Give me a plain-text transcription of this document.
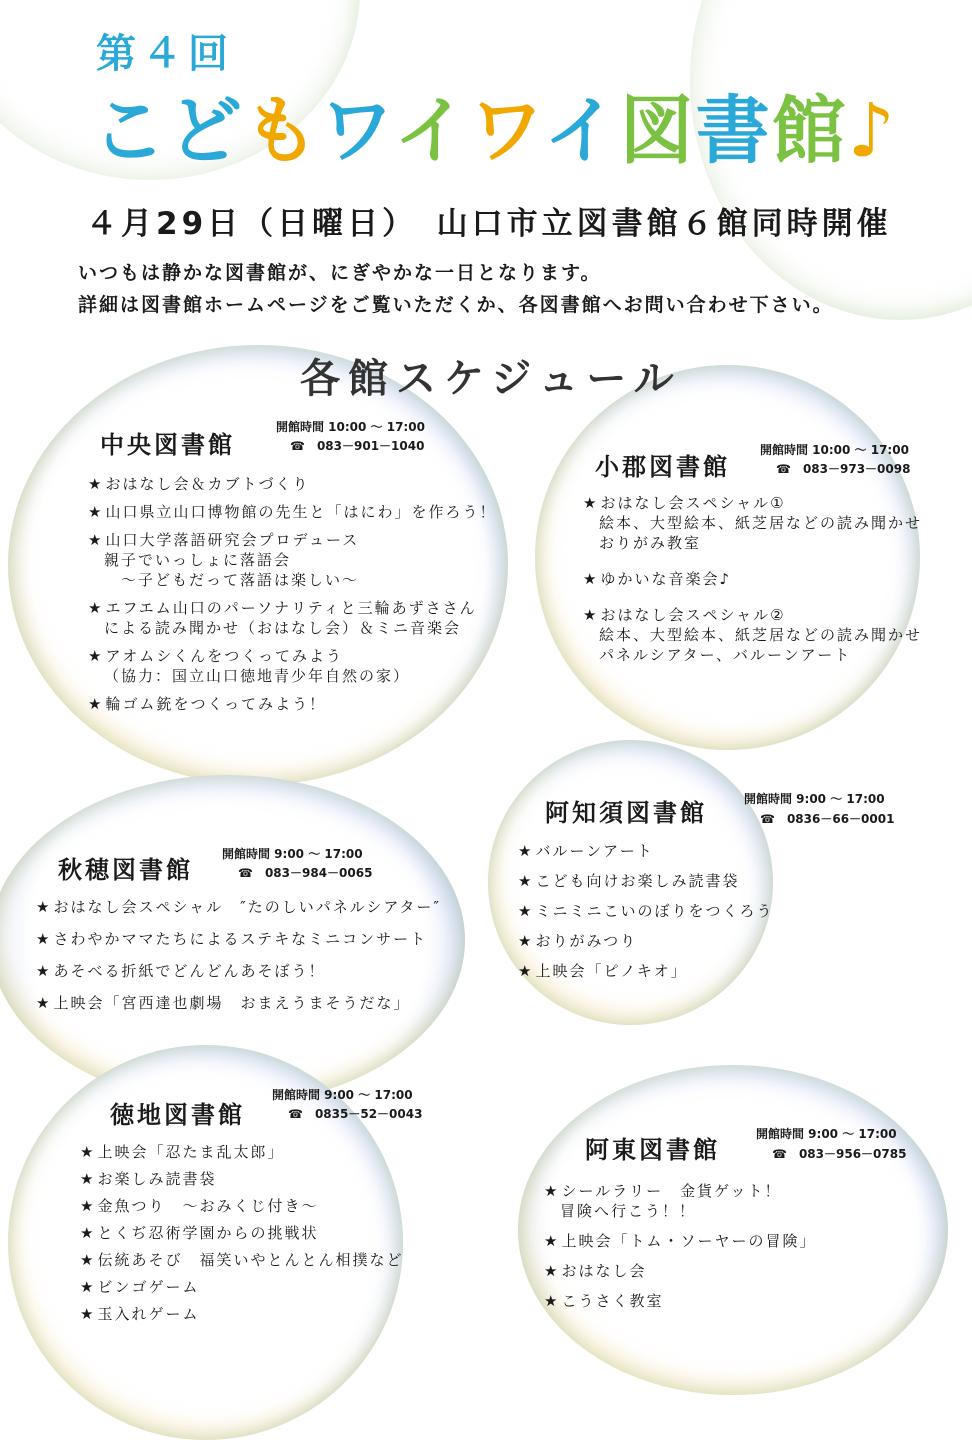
第４回
こどもワイワイ図書館♪
４月29日（日曜日）　山口市立図書館６館同時開催
いつもは静かな図書館が、にぎやかな一日となります。
詳細は図書館ホームページをご覧いただくか、各図書館へお問い合わせ下さい。
各館スケジュール
中央図書館
開館時間 10:00 ～ 17:00
☎　083－901－1040
★ おはなし会＆カブトづくり
★ 山口県立山口博物館の先生と「はにわ」を作ろう！
★ 山口大学落語研究会プロデュース
親子でいっしょに落語会
　～子どもだって落語は楽しい～
★ エフエム山口のパーソナリティと三輪あずささん
による読み聞かせ（おはなし会）＆ミニ音楽会
★ アオムシくんをつくってみよう
（協力：国立山口徳地青少年自然の家）
★ 輪ゴム銃をつくってみよう！
小郡図書館
開館時間 10:00 ～ 17:00
☎　083－973－0098
★ おはなし会スペシャル①
絵本、大型絵本、紙芝居などの読み聞かせ
おりがみ教室
★ ゆかいな音楽会♪
★ おはなし会スペシャル②
絵本、大型絵本、紙芝居などの読み聞かせ
パネルシアター、バルーンアート
阿知須図書館	開館時間 9:00 ～ 17:00
☎　0836－66－0001
★ バルーンアート
★ こども向けお楽しみ読書袋
★ ミニミニこいのぼりをつくろう
★ おりがみつり
★ 上映会「ピノキオ」
秋穂図書館
開館時間 9:00 ～ 17:00
☎　083－984－0065
★ おはなし会スペシャル　″たのしいパネルシアター″
★ さわやかママたちによるステキなミニコンサート
★ あそべる折紙でどんどんあそぼう！
★ 上映会「宮西達也劇場　おまえうまそうだな」
徳地図書館
開館時間 9:00 ～ 17:00
☎　0835－52－0043
★ 上映会「忍たま乱太郎」
★ お楽しみ読書袋
★ 金魚つり　～おみくじ付き～
★ とくぢ忍術学園からの挑戦状
★ 伝統あそび　福笑いやとんとん相撲など
★ ビンゴゲーム
★ 玉入れゲーム
阿東図書館
開館時間 9:00 ～ 17:00
☎　083－956－0785
★ シールラリー　金貨ゲット！
冒険へ行こう！！
★ 上映会「トム・ソーヤーの冒険」
★ おはなし会
★ こうさく教室
